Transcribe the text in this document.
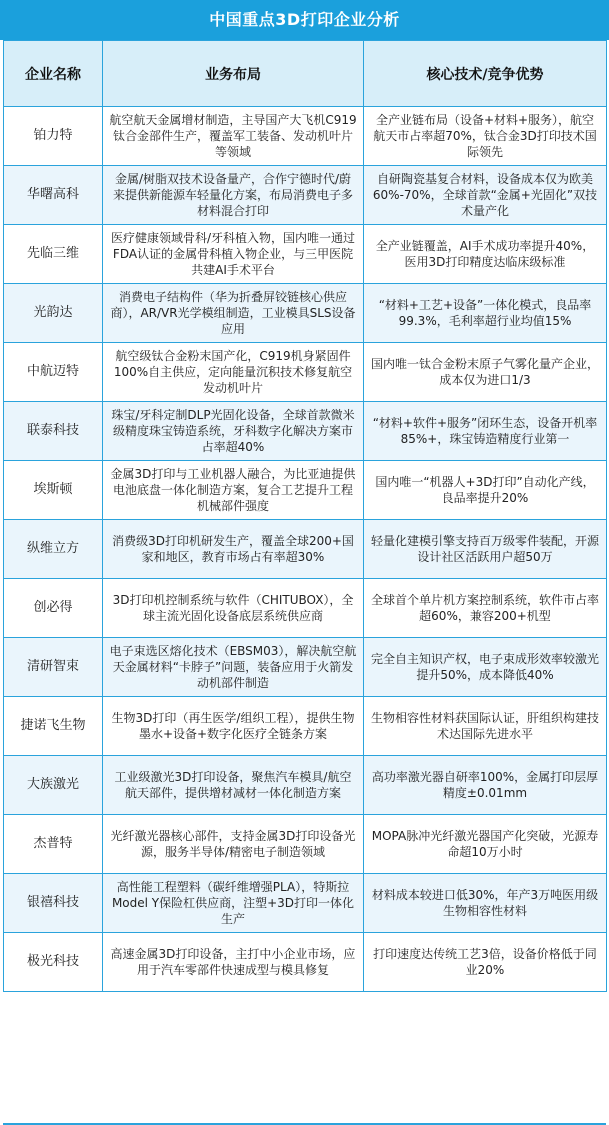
中国重点3D打印企业分析
企业名称	业务布局	核心技术/竞争优势
铂力特	航空航天金属增材制造，主导国产大飞机C919钛合金部件生产，覆盖军工装备、发动机叶片等领域	全产业链布局（设备+材料+服务），航空航天市占率超70%，钛合金3D打印技术国际领先
华曙高科	金属/树脂双技术设备量产，合作宁德时代/蔚来提供新能源车轻量化方案，布局消费电子多材料混合打印	自研陶瓷基复合材料，设备成本仅为欧美60%-70%，全球首款“金属+光固化”双技术量产化
先临三维	医疗健康领域骨科/牙科植入物，国内唯一通过FDA认证的金属骨科植入物企业，与三甲医院共建AI手术平台	全产业链覆盖，AI手术成功率提升40%，医用3D打印精度达临床级标准
光韵达	消费电子结构件（华为折叠屏铰链核心供应商），AR/VR光学模组制造，工业模具SLS设备应用	“材料+工艺+设备”一体化模式，良品率99.3%，毛利率超行业均值15%
中航迈特	航空级钛合金粉末国产化，C919机身紧固件100%自主供应，定向能量沉积技术修复航空发动机叶片	国内唯一钛合金粉末原子气雾化量产企业，成本仅为进口1/3
联泰科技	珠宝/牙科定制DLP光固化设备，全球首款微米级精度珠宝铸造系统，牙科数字化解决方案市占率超40%	“材料+软件+服务”闭环生态，设备开机率85%+，珠宝铸造精度行业第一
埃斯顿	金属3D打印与工业机器人融合，为比亚迪提供电池底盘一体化制造方案，复合工艺提升工程机械部件强度	国内唯一“机器人+3D打印”自动化产线，良品率提升20%
纵维立方	消费级3D打印机研发生产，覆盖全球200+国家和地区，教育市场占有率超30%	轻量化建模引擎支持百万级零件装配，开源设计社区活跃用户超50万
创必得	3D打印机控制系统与软件（CHITUBOX），全球主流光固化设备底层系统供应商	全球首个单片机方案控制系统，软件市占率超60%，兼容200+机型
清研智束	电子束选区熔化技术（EBSM03），解决航空航天金属材料“卡脖子”问题，装备应用于火箭发动机部件制造	完全自主知识产权，电子束成形效率较激光提升50%，成本降低40%
捷诺飞生物	生物3D打印（再生医学/组织工程），提供生物墨水+设备+数字化医疗全链条方案	生物相容性材料获国际认证，肝组织构建技术达国际先进水平
大族激光	工业级激光3D打印设备，聚焦汽车模具/航空航天部件，提供增材减材一体化制造方案	高功率激光器自研率100%，金属打印层厚精度±0.01mm
杰普特	光纤激光器核心部件，支持金属3D打印设备光源，服务半导体/精密电子制造领域	MOPA脉冲光纤激光器国产化突破，光源寿命超10万小时
银禧科技	高性能工程塑料（碳纤维增强PLA），特斯拉Model Y保险杠供应商，注塑+3D打印一体化生产	材料成本较进口低30%，年产3万吨医用级生物相容性材料
极光科技	高速金属3D打印设备，主打中小企业市场，应用于汽车零部件快速成型与模具修复	打印速度达传统工艺3倍，设备价格低于同业20%
